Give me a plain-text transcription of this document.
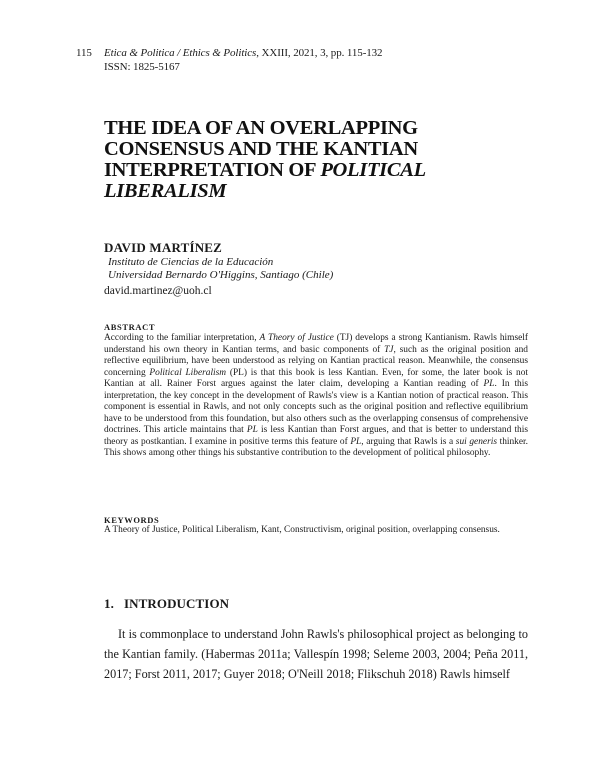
115 Etica & Politica / Ethics & Politics, XXIII, 2021, 3, pp. 115-132
ISSN: 1825-5167
THE IDEA OF AN OVERLAPPING
CONSENSUS AND THE KANTIAN
INTERPRETATION OF POLITICAL
LIBERALISM
DAVID MARTÍNEZ
Instituto de Ciencias de la Educación
Universidad Bernardo O'Higgins, Santiago (Chile)
david.martinez@uoh.cl
ABSTRACT

According to the familiar interpretation, A Theory of Justice (TJ) develops a strong Kantianism. Rawls himself understand his own theory in Kantian terms, and basic components of TJ, such as the original position and reflective equilibrium, have been understood as relying on Kantian practical reason. Meanwhile, the consensus concerning Political Liberalism (PL) is that this book is less Kantian. Even, for some, the later book is not Kantian at all. Rainer Forst argues against the later claim, developing a Kantian reading of PL. In this interpretation, the key concept in the development of Rawls's view is a Kantian notion of practical reason. This component is essential in Rawls, and not only concepts such as the original position and reflective equilibrium have to be understood from this foundation, but also others such as the overlapping consensus of comprehensive doctrines. This article maintains that PL is less Kantian than Forst argues, and that is better to understand this theory as postkantian. I examine in positive terms this feature of PL, arguing that Rawls is a sui generis thinker. This shows among other things his substantive contribution to the development of political philosophy.

KEYWORDS
A Theory of Justice, Political Liberalism, Kant, Constructivism, original position, overlapping consensus.
1. INTRODUCTION
It is commonplace to understand John Rawls's philosophical project as belonging to the Kantian family. (Habermas 2011a; Vallespín 1998; Seleme 2003, 2004; Peña 2011, 2017; Forst 2011, 2017; Guyer 2018; O'Neill 2018; Flikschuh 2018) Rawls himself
